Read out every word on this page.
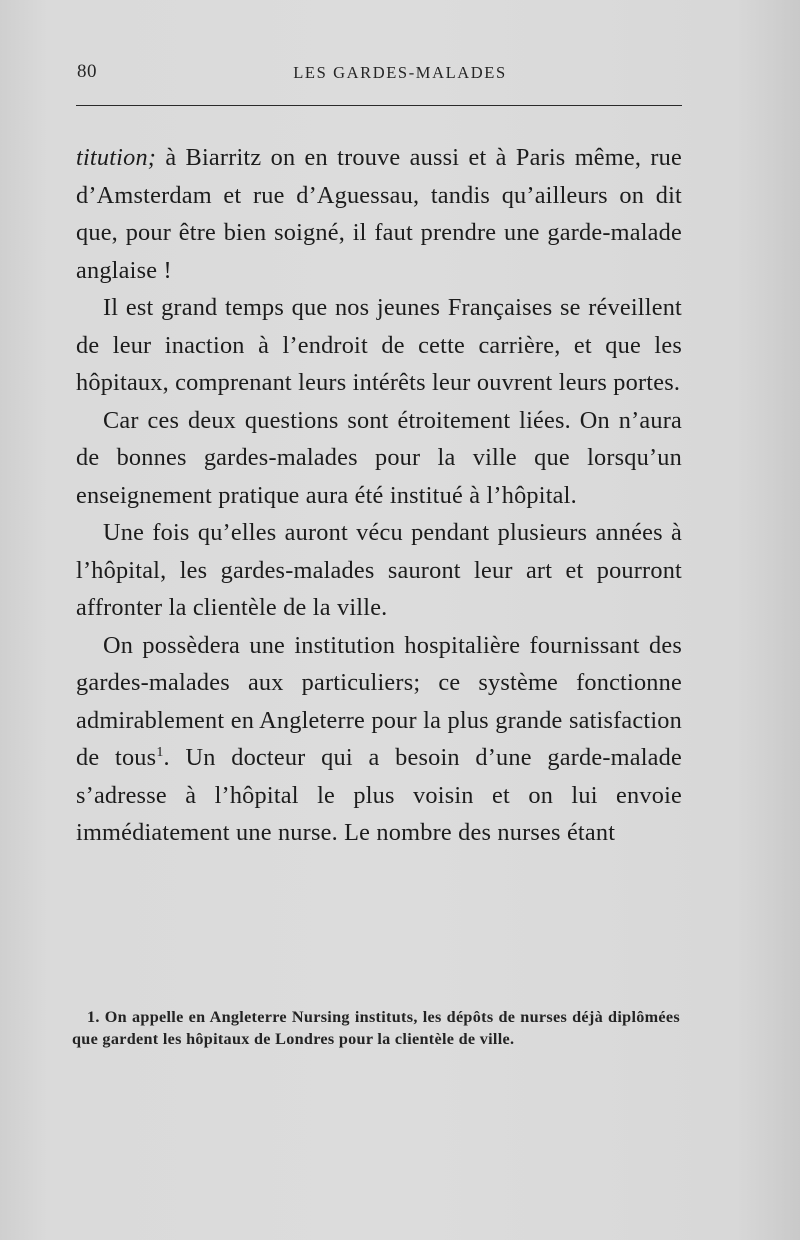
80	LES GARDES-MALADES

titution; à Biarritz on en trouve aussi et à Paris même, rue d’Amsterdam et rue d’Aguessau, tandis qu’ailleurs on dit que, pour être bien soigné, il faut prendre une garde-malade anglaise !

Il est grand temps que nos jeunes Françaises se réveillent de leur inaction à l’endroit de cette carrière, et que les hôpitaux, comprenant leurs intérêts leur ouvrent leurs portes.

Car ces deux questions sont étroitement liées. On n’aura de bonnes gardes-malades pour la ville que lorsqu’un enseignement pratique aura été institué à l’hôpital.

Une fois qu’elles auront vécu pendant plusieurs années à l’hôpital, les gardes-malades sauront leur art et pourront affronter la clientèle de la ville.

On possèdera une institution hospitalière fournissant des gardes-malades aux particuliers; ce système fonctionne admirablement en Angleterre pour la plus grande satisfaction de tous$^1$. Un docteur qui a besoin d’une garde-malade s’adresse à l’hôpital le plus voisin et on lui envoie immédiatement une nurse. Le nombre des nurses étant

1. On appelle en Angleterre Nursing instituts, les dépôts de nurses déjà diplômées que gardent les hôpitaux de Londres pour la clientèle de ville.
